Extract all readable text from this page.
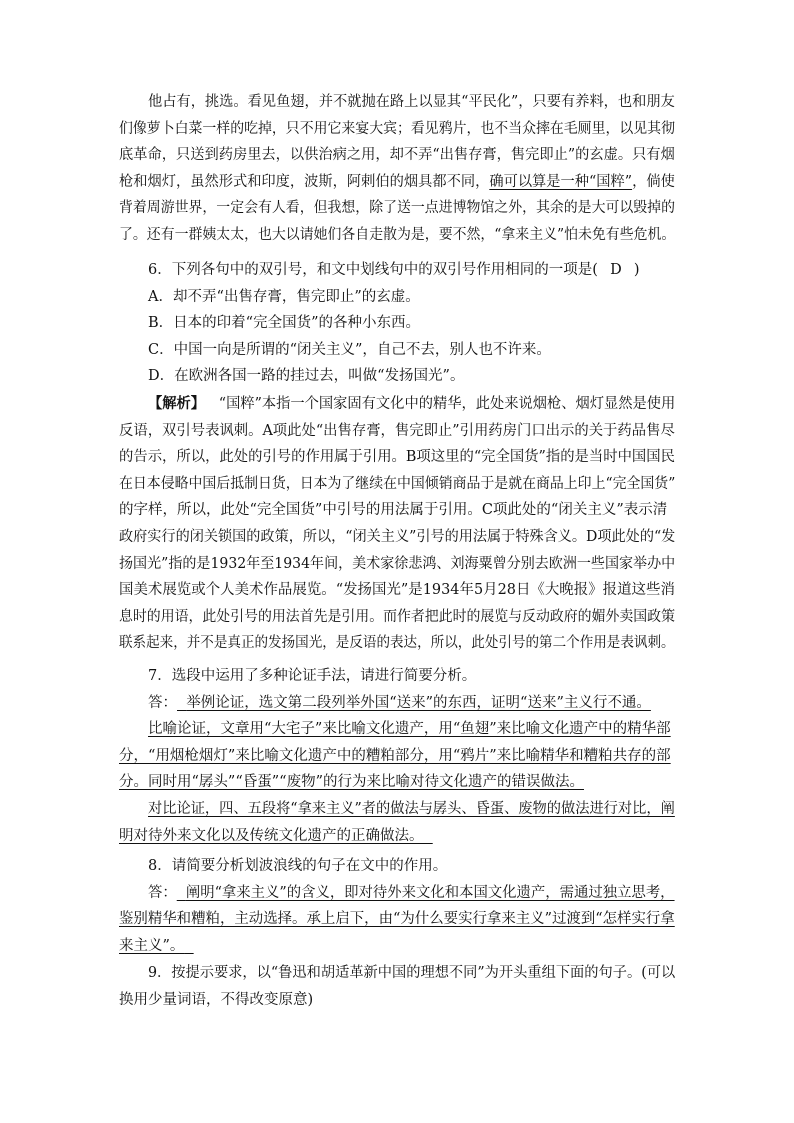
他占有，挑选。看见鱼翅，并不就抛在路上以显其“平民化”，只要有养料，也和朋友
们像萝卜白菜一样的吃掉，只不用它来宴大宾；看见鸦片，也不当众摔在毛厕里，以见其彻
底革命，只送到药房里去，以供治病之用，却不弄“出售存膏，售完即止”的玄虚。只有烟
枪和烟灯，虽然形式和印度，波斯，阿剌伯的烟具都不同，确可以算是一种“国粹”，倘使
背着周游世界，一定会有人看，但我想，除了送一点进博物馆之外，其余的是大可以毁掉的
了。还有一群姨太太，也大以请她们各自走散为是，要不然，“拿来主义”怕未免有些危机。
6．下列各句中的双引号，和文中划线句中的双引号作用相同的一项是( D )
A．却不弄“出售存膏，售完即止”的玄虚。
B．日本的印着“完全国货”的各种小东西。
C．中国一向是所谓的“闭关主义”，自己不去，别人也不许来。
D．在欧洲各国一路的挂过去，叫做“发扬国光”。
【解析】 “国粹”本指一个国家固有文化中的精华，此处来说烟枪、烟灯显然是使用
反语，双引号表讽刺。A项此处“出售存膏，售完即止”引用药房门口出示的关于药品售尽
的告示，所以，此处的引号的作用属于引用。B项这里的“完全国货”指的是当时中国国民
在日本侵略中国后抵制日货，日本为了继续在中国倾销商品于是就在商品上印上“完全国货”
的字样，所以，此处“完全国货”中引号的用法属于引用。C项此处的“闭关主义”表示清
政府实行的闭关锁国的政策，所以，“闭关主义”引号的用法属于特殊含义。D项此处的“发
扬国光”指的是1932年至1934年间，美术家徐悲鸿、刘海粟曾分别去欧洲一些国家举办中
国美术展览或个人美术作品展览。“发扬国光”是1934年5月28日《大晚报》报道这些消
息时的用语，此处引号的用法首先是引用。而作者把此时的展览与反动政府的媚外卖国政策
联系起来，并不是真正的发扬国光，是反语的表达，所以，此处引号的第二个作用是表讽刺。
7．选段中运用了多种论证手法，请进行简要分析。
答： 举例论证，选文第二段列举外国“送来”的东西，证明“送来”主义行不通。
比喻论证，文章用“大宅子”来比喻文化遗产，用“鱼翅”来比喻文化遗产中的精华部
分，“用烟枪烟灯”来比喻文化遗产中的糟粕部分，用“鸦片”来比喻精华和糟粕共存的部
分。同时用“孱头”“昏蛋”“废物”的行为来比喻对待文化遗产的错误做法。
对比论证，四、五段将“拿来主义”者的做法与孱头、昏蛋、废物的做法进行对比，阐
明对待外来文化以及传统文化遗产的正确做法。
8．请简要分析划波浪线的句子在文中的作用。
答： 阐明“拿来主义”的含义，即对待外来文化和本国文化遗产，需通过独立思考，
鉴别精华和糟粕，主动选择。承上启下，由“为什么要实行拿来主义”过渡到“怎样实行拿
来主义”。
9．按提示要求，以“鲁迅和胡适革新中国的理想不同”为开头重组下面的句子。(可以
换用少量词语，不得改变原意)
